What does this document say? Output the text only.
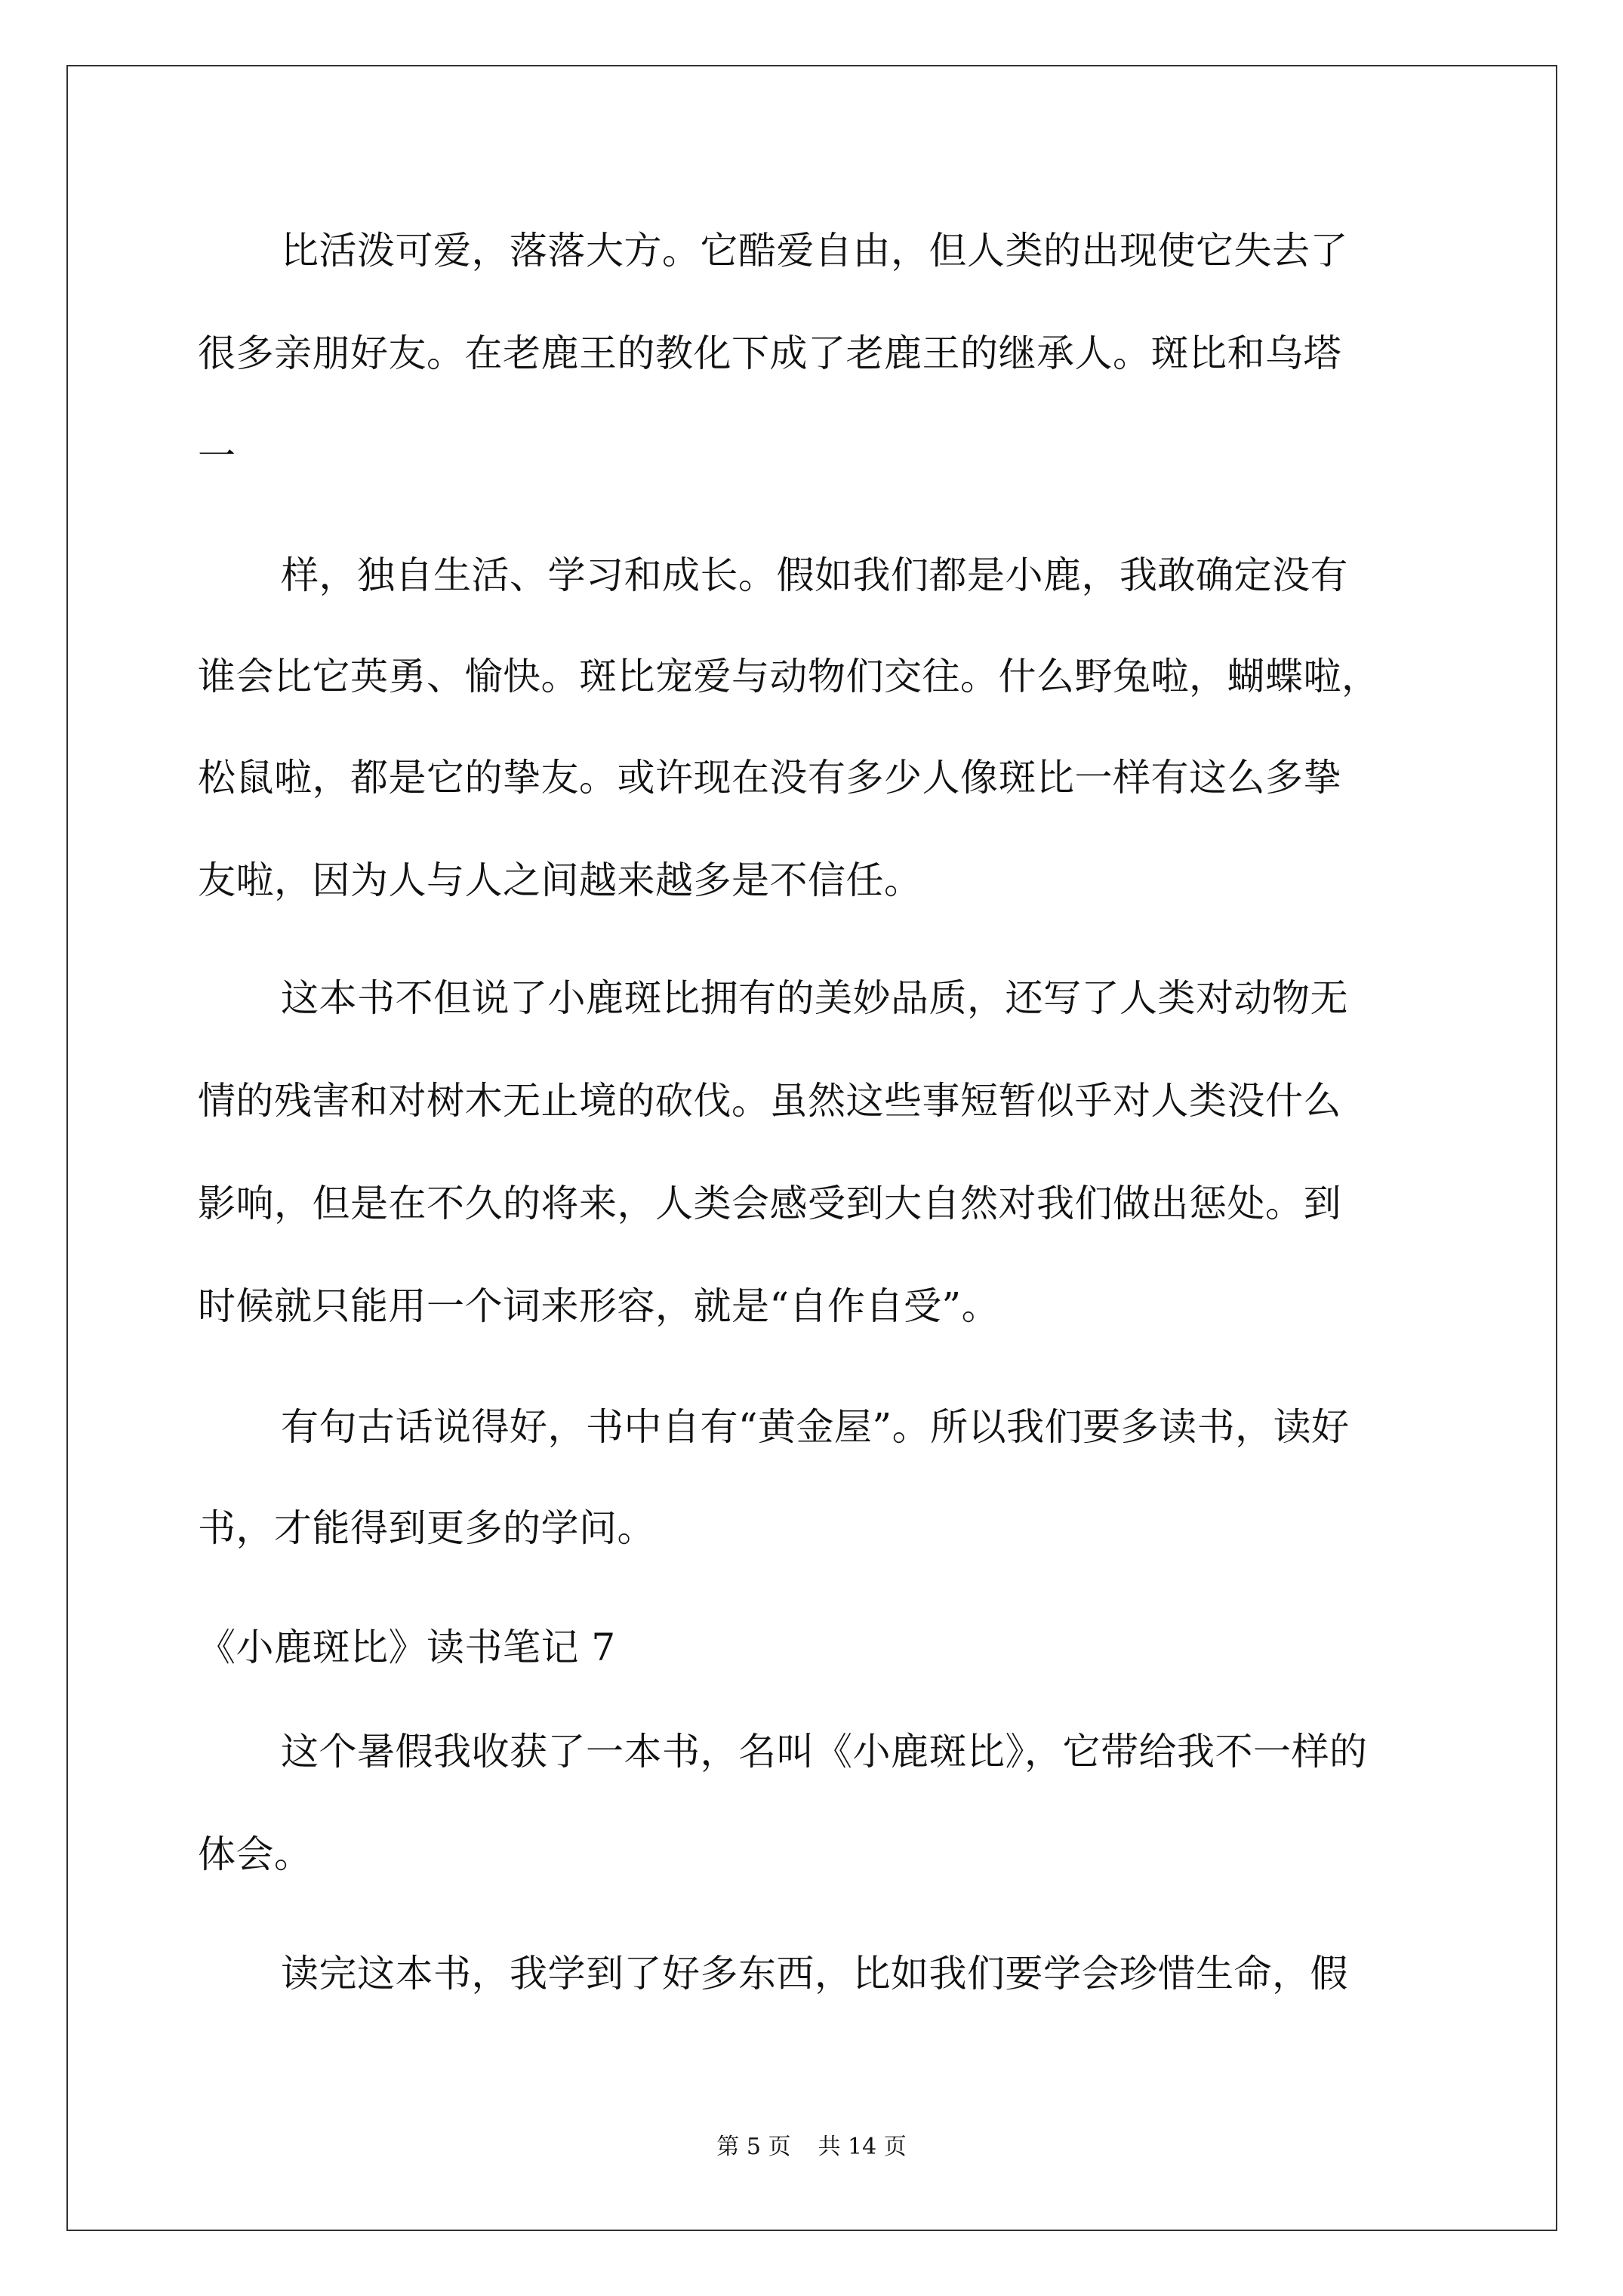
比活泼可爱，落落大方。它酷爱自由，但人类的出现使它失去了
很多亲朋好友。在老鹿王的教化下成了老鹿王的继承人。斑比和乌塔
一
样，独自生活、学习和成长。假如我们都是小鹿，我敢确定没有
谁会比它英勇、愉快。斑比宠爱与动物们交往。什么野兔啦，蝴蝶啦，
松鼠啦，都是它的挚友。或许现在没有多少人像斑比一样有这么多挚
友啦，因为人与人之间越来越多是不信任。
这本书不但说了小鹿斑比拥有的美妙品质，还写了人类对动物无
情的残害和对树木无止境的砍伐。虽然这些事短暂似乎对人类没什么
影响，但是在不久的将来，人类会感受到大自然对我们做出惩处。到
时候就只能用一个词来形容，就是“自作自受”。
有句古话说得好，书中自有“黄金屋”。所以我们要多读书，读好
书，才能得到更多的学问。
《小鹿斑比》读书笔记 7
这个暑假我收获了一本书，名叫《小鹿斑比》，它带给我不一样的
体会。
读完这本书，我学到了好多东西，比如我们要学会珍惜生命，假
第 5 页 共 14 页
